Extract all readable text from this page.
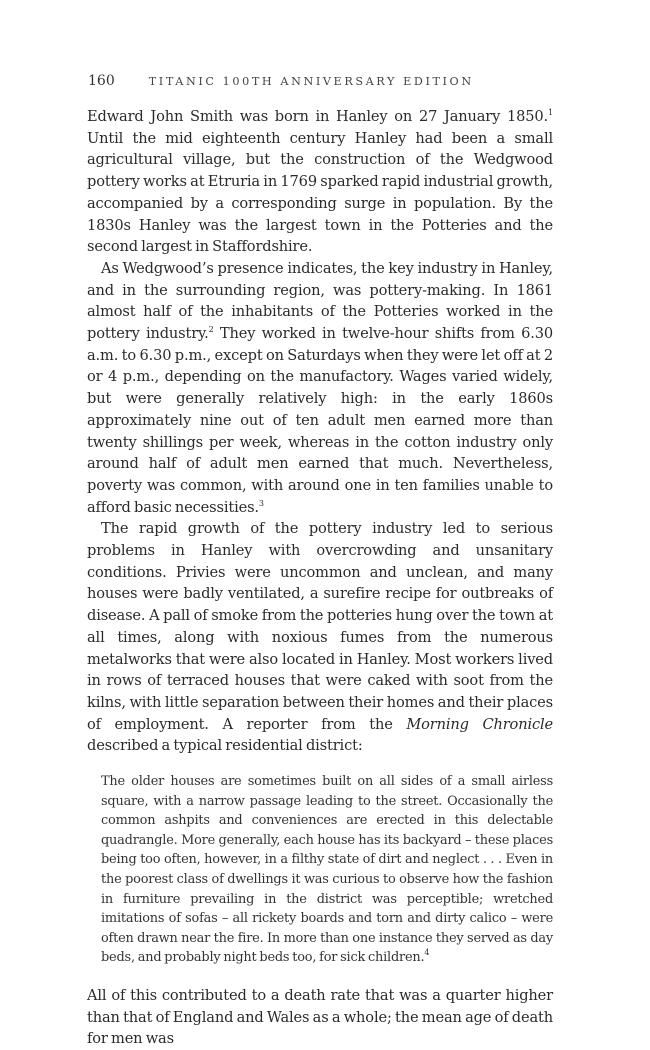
160	TITANIC 100TH ANNIVERSARY EDITION

Edward John Smith was born in Hanley on 27 January 1850.$^1$ Until the mid eighteenth century Hanley had been a small agricultural village, but the construction of the Wedgwood pottery works at Etruria in 1769 sparked rapid industrial growth, accompanied by a corresponding surge in population. By the 1830s Hanley was the largest town in the Potteries and the second largest in Staffordshire.

As Wedgwood’s presence indicates, the key industry in Hanley, and in the surrounding region, was pottery-making. In 1861 almost half of the inhabitants of the Potteries worked in the pottery industry.$^2$ They worked in twelve-hour shifts from 6.30 a.m. to 6.30 p.m., except on Saturdays when they were let off at 2 or 4 p.m., depending on the manufactory. Wages varied widely, but were generally relatively high: in the early 1860s approximately nine out of ten adult men earned more than twenty shillings per week, whereas in the cotton industry only around half of adult men earned that much. Nevertheless, poverty was common, with around one in ten families unable to afford basic necessities.$^3$

The rapid growth of the pottery industry led to serious problems in Hanley with overcrowding and unsanitary conditions. Privies were uncommon and unclean, and many houses were badly ventilated, a surefire recipe for outbreaks of disease. A pall of smoke from the potteries hung over the town at all times, along with noxious fumes from the numerous metalworks that were also located in Hanley. Most workers lived in rows of terraced houses that were caked with soot from the kilns, with little separation between their homes and their places of employment. A reporter from the Morning Chronicle described a typical residential district:

The older houses are sometimes built on all sides of a small airless square, with a narrow passage leading to the street. Occasionally the common ashpits and conveniences are erected in this delectable quadrangle. More generally, each house has its backyard – these places being too often, however, in a filthy state of dirt and neglect . . . Even in the poorest class of dwellings it was curious to observe how the fashion in furniture prevailing in the district was perceptible; wretched imitations of sofas – all rickety boards and torn and dirty calico – were often drawn near the fire. In more than one instance they served as day beds, and probably night beds too, for sick children.$^4$

All of this contributed to a death rate that was a quarter higher than that of England and Wales as a whole; the mean age of death for men was
